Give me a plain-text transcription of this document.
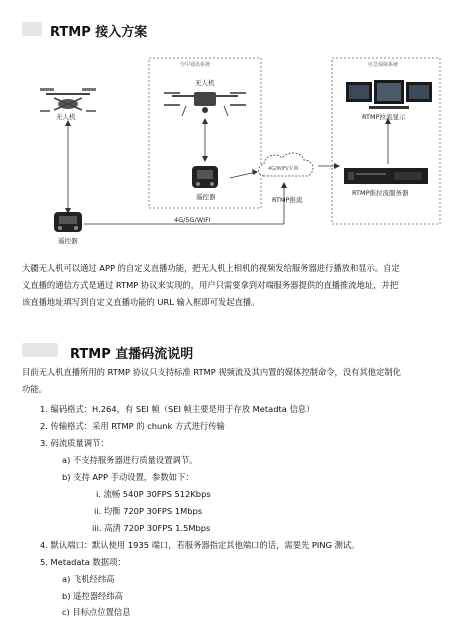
RTMP 接入方案
空中通讯系统
无人机
无人机
遥控器
4G/WiFi/专网
RTMP推流
应急保障系统
RTMP拉流显示
RTMP推拉流服务器
遥控器
4G/5G/WIFI
大疆无人机可以通过 APP 的自定义直播功能，把无人机上相机的视频发给服务器进行播放和显示。自定
义直播的通信方式是通过 RTMP 协议来实现的，用户只需要拿到对端服务器提供的直播推流地址，并把
该直播地址填写到自定义直播功能的 URL 输入框即可发起直播。
RTMP 直播码流说明
目前无人机直播所用的 RTMP 协议只支持标准 RTMP 视频流及其内置的媒体控制命令，没有其他定制化
功能。
1. 编码格式：H.264，有 SEI 帧（SEI 帧主要是用于存放 Metadta 信息）
2. 传输格式：采用 RTMP 的 chunk 方式进行传输
3. 码流质量调节：
a) 不支持服务器进行质量设置调节。
b) 支持 APP 手动设置，参数如下：
i. 流畅 540P 30FPS 512Kbps
ii. 均衡 720P 30FPS 1Mbps
iii. 高清 720P 30FPS 1.5Mbps
4. 默认端口：默认使用 1935 端口，若服务器指定其他端口的话，需要先 PING 测试。
5. Metadata 数据项：
a) 飞机经纬高
b) 遥控器经纬高
c) 目标点位置信息
